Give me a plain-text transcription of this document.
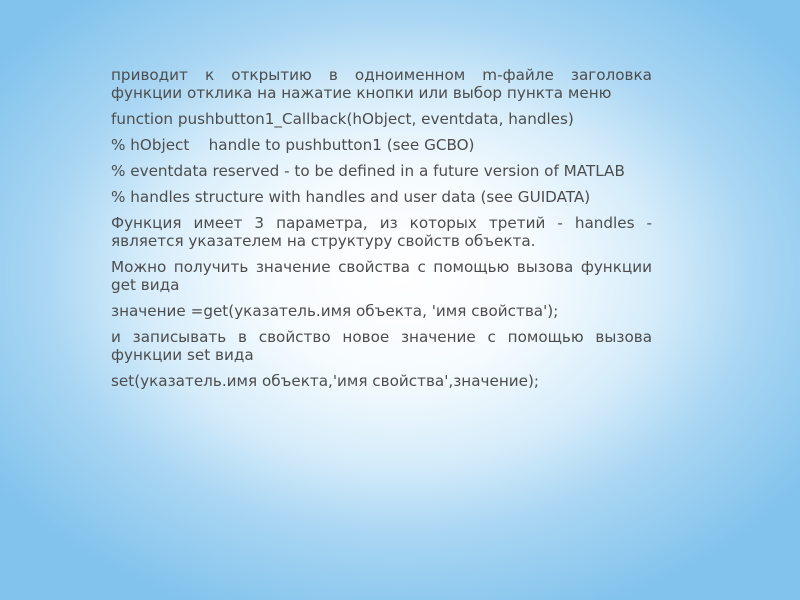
приводит к открытию в одноименном m-файле заголовка функции отклика на нажатие кнопки или выбор пункта меню

function pushbutton1_Callback(hObject, eventdata, handles)

% hObject    handle to pushbutton1 (see GCBO)

% eventdata reserved - to be defined in a future version of MATLAB

% handles structure with handles and user data (see GUIDATA)

Функция имеет 3 параметра, из которых третий - handles - является указателем на структуру свойств объекта.

Можно получить значение свойства с помощью вызова функции get вида

значение =get(указатель.имя объекта, 'имя свойства');

и записывать в свойство новое значение с помощью вызова функции set вида

set(указатель.имя объекта,'имя свойства',значение);
